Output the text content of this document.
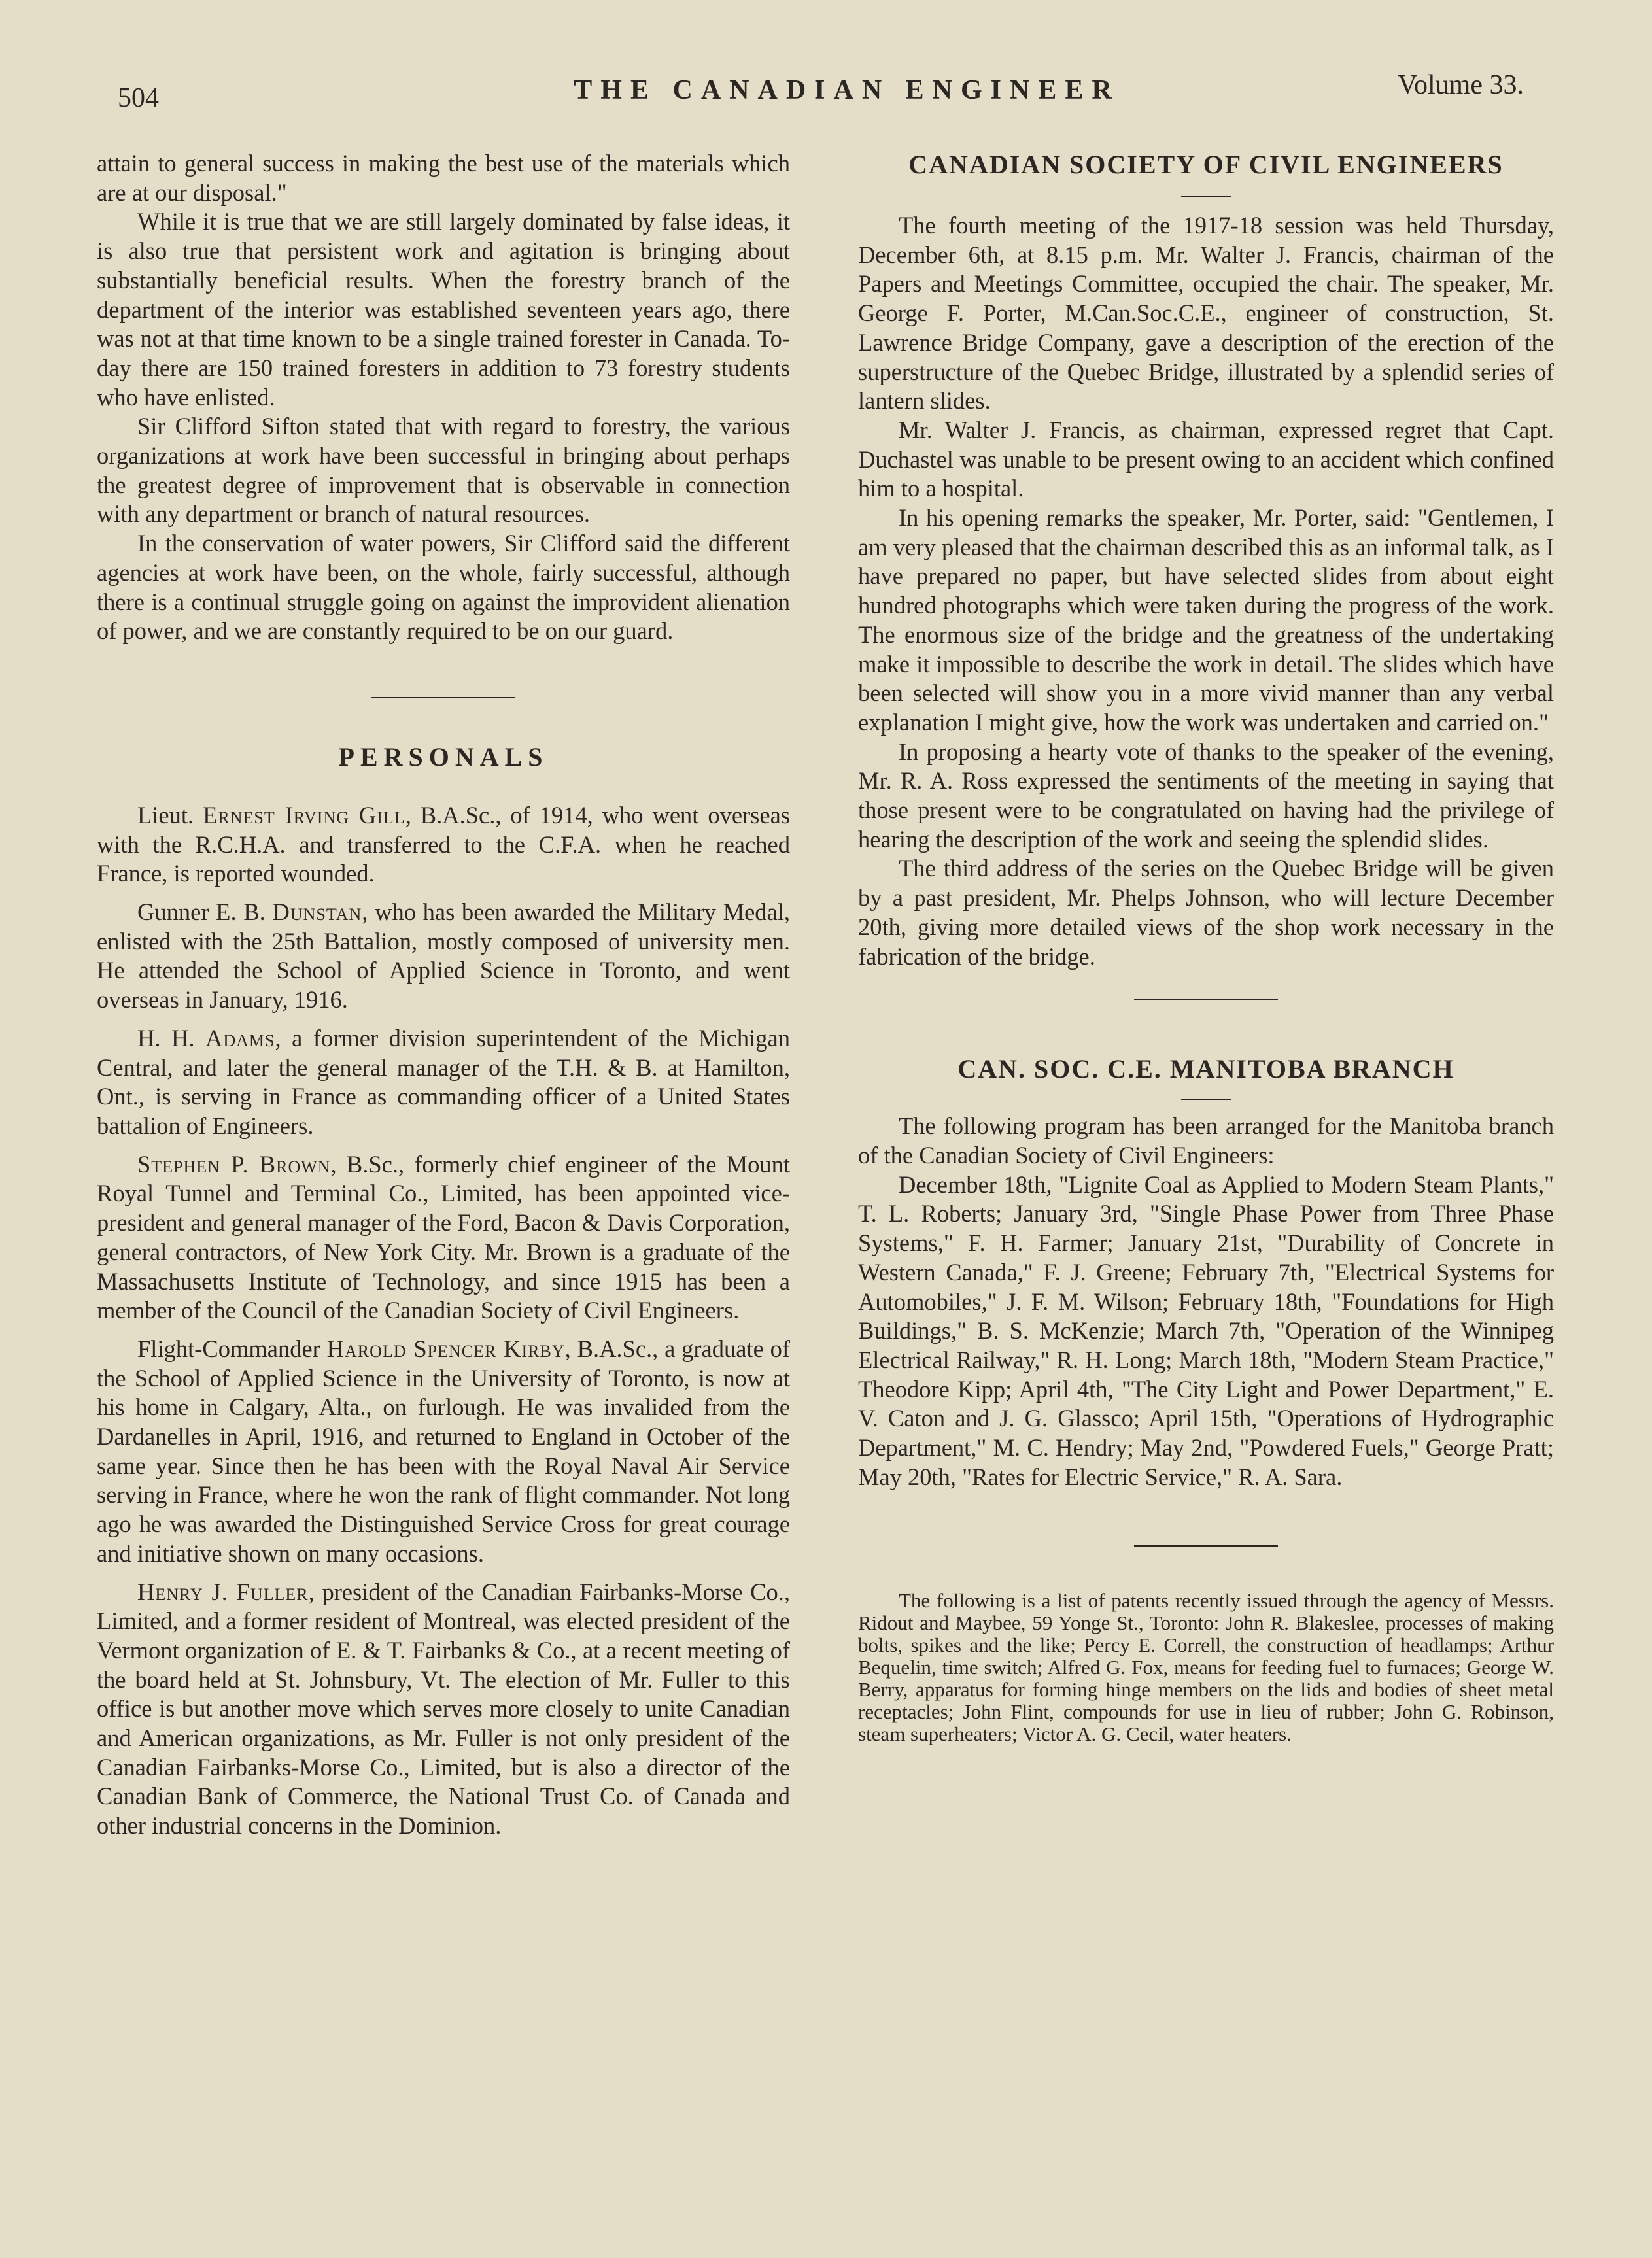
504	THE CANADIAN ENGINEER	Volume 33.

attain to general success in making the best use of the materials which are at our disposal."

While it is true that we are still largely dominated by false ideas, it is also true that persistent work and agitation is bringing about substantially beneficial results. When the forestry branch of the department of the interior was established seventeen years ago, there was not at that time known to be a single trained forester in Canada. To-day there are 150 trained foresters in addition to 73 forestry students who have enlisted.

Sir Clifford Sifton stated that with regard to forestry, the various organizations at work have been successful in bringing about perhaps the greatest degree of improvement that is observable in connection with any department or branch of natural resources.

In the conservation of water powers, Sir Clifford said the different agencies at work have been, on the whole, fairly successful, although there is a continual struggle going on against the improvident alienation of power, and we are constantly required to be on our guard.

PERSONALS

Lieut. Ernest Irving Gill, B.A.Sc., of 1914, who went overseas with the R.C.H.A. and transferred to the C.F.A. when he reached France, is reported wounded.

Gunner E. B. Dunstan, who has been awarded the Military Medal, enlisted with the 25th Battalion, mostly composed of university men. He attended the School of Applied Science in Toronto, and went overseas in January, 1916.

H. H. Adams, a former division superintendent of the Michigan Central, and later the general manager of the T.H. & B. at Hamilton, Ont., is serving in France as commanding officer of a United States battalion of Engineers.

Stephen P. Brown, B.Sc., formerly chief engineer of the Mount Royal Tunnel and Terminal Co., Limited, has been appointed vice-president and general manager of the Ford, Bacon & Davis Corporation, general contractors, of New York City. Mr. Brown is a graduate of the Massachusetts Institute of Technology, and since 1915 has been a member of the Council of the Canadian Society of Civil Engineers.

Flight-Commander Harold Spencer Kirby, B.A.Sc., a graduate of the School of Applied Science in the University of Toronto, is now at his home in Calgary, Alta., on furlough. He was invalided from the Dardanelles in April, 1916, and returned to England in October of the same year. Since then he has been with the Royal Naval Air Service serving in France, where he won the rank of flight commander. Not long ago he was awarded the Distinguished Service Cross for great courage and initiative shown on many occasions.

Henry J. Fuller, president of the Canadian Fairbanks-Morse Co., Limited, and a former resident of Montreal, was elected president of the Vermont organization of E. & T. Fairbanks & Co., at a recent meeting of the board held at St. Johnsbury, Vt. The election of Mr. Fuller to this office is but another move which serves more closely to unite Canadian and American organizations, as Mr. Fuller is not only president of the Canadian Fairbanks-Morse Co., Limited, but is also a director of the Canadian Bank of Commerce, the National Trust Co. of Canada and other industrial concerns in the Dominion.

CANADIAN SOCIETY OF CIVIL ENGINEERS

The fourth meeting of the 1917-18 session was held Thursday, December 6th, at 8.15 p.m. Mr. Walter J. Francis, chairman of the Papers and Meetings Committee, occupied the chair. The speaker, Mr. George F. Porter, M.Can.Soc.C.E., engineer of construction, St. Lawrence Bridge Company, gave a description of the erection of the superstructure of the Quebec Bridge, illustrated by a splendid series of lantern slides.

Mr. Walter J. Francis, as chairman, expressed regret that Capt. Duchastel was unable to be present owing to an accident which confined him to a hospital.

In his opening remarks the speaker, Mr. Porter, said: "Gentlemen, I am very pleased that the chairman described this as an informal talk, as I have prepared no paper, but have selected slides from about eight hundred photographs which were taken during the progress of the work. The enormous size of the bridge and the greatness of the undertaking make it impossible to describe the work in detail. The slides which have been selected will show you in a more vivid manner than any verbal explanation I might give, how the work was undertaken and carried on."

In proposing a hearty vote of thanks to the speaker of the evening, Mr. R. A. Ross expressed the sentiments of the meeting in saying that those present were to be congratulated on having had the privilege of hearing the description of the work and seeing the splendid slides.

The third address of the series on the Quebec Bridge will be given by a past president, Mr. Phelps Johnson, who will lecture December 20th, giving more detailed views of the shop work necessary in the fabrication of the bridge.

CAN. SOC. C.E. MANITOBA BRANCH

The following program has been arranged for the Manitoba branch of the Canadian Society of Civil Engineers:

December 18th, "Lignite Coal as Applied to Modern Steam Plants," T. L. Roberts; January 3rd, "Single Phase Power from Three Phase Systems," F. H. Farmer; January 21st, "Durability of Concrete in Western Canada," F. J. Greene; February 7th, "Electrical Systems for Automobiles," J. F. M. Wilson; February 18th, "Foundations for High Buildings," B. S. McKenzie; March 7th, "Operation of the Winnipeg Electrical Railway," R. H. Long; March 18th, "Modern Steam Practice," Theodore Kipp; April 4th, "The City Light and Power Department," E. V. Caton and J. G. Glassco; April 15th, "Operations of Hydrographic Department," M. C. Hendry; May 2nd, "Powdered Fuels," George Pratt; May 20th, "Rates for Electric Service," R. A. Sara.

The following is a list of patents recently issued through the agency of Messrs. Ridout and Maybee, 59 Yonge St., Toronto: John R. Blakeslee, processes of making bolts, spikes and the like; Percy E. Correll, the construction of headlamps; Arthur Bequelin, time switch; Alfred G. Fox, means for feeding fuel to furnaces; George W. Berry, apparatus for forming hinge members on the lids and bodies of sheet metal receptacles; John Flint, compounds for use in lieu of rubber; John G. Robinson, steam superheaters; Victor A. G. Cecil, water heaters.
